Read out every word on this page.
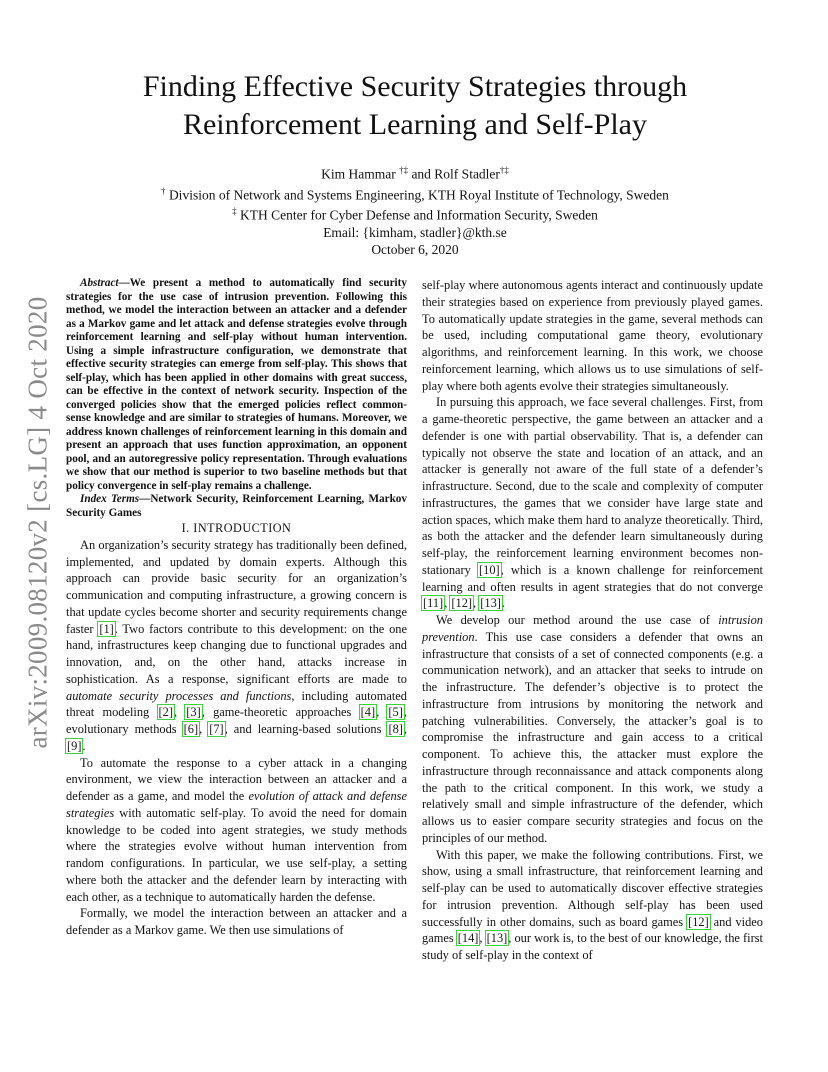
arXiv:2009.08120v2 [cs.LG] 4 Oct 2020
Finding Effective Security Strategies through
Reinforcement Learning and Self-Play
Kim Hammar †‡ and Rolf Stadler†‡
† Division of Network and Systems Engineering, KTH Royal Institute of Technology, Sweden
‡ KTH Center for Cyber Defense and Information Security, Sweden
Email: {kimham, stadler}@kth.se
October 6, 2020

Abstract—We present a method to automatically find security strategies for the use case of intrusion prevention. Following this method, we model the interaction between an attacker and a defender as a Markov game and let attack and defense strategies evolve through reinforcement learning and self-play without human intervention. Using a simple infrastructure configuration, we demonstrate that effective security strategies can emerge from self-play. This shows that self-play, which has been applied in other domains with great success, can be effective in the context of network security. Inspection of the converged policies show that the emerged policies reflect common-sense knowledge and are similar to strategies of humans. Moreover, we address known challenges of reinforcement learning in this domain and present an approach that uses function approximation, an opponent pool, and an autoregressive policy representation. Through evaluations we show that our method is superior to two baseline methods but that policy convergence in self-play remains a challenge.

Index Terms—Network Security, Reinforcement Learning, Markov Security Games

I. INTRODUCTION

An organization’s security strategy has traditionally been defined, implemented, and updated by domain experts. Although this approach can provide basic security for an organization’s communication and computing infrastructure, a growing concern is that update cycles become shorter and security requirements change faster [1]. Two factors contribute to this development: on the one hand, infrastructures keep changing due to functional upgrades and innovation, and, on the other hand, attacks increase in sophistication. As a response, significant efforts are made to automate security processes and functions, including automated threat modeling [2], [3], game-theoretic approaches [4], [5], evolutionary methods [6], [7], and learning-based solutions [8], [9].

To automate the response to a cyber attack in a changing environment, we view the interaction between an attacker and a defender as a game, and model the evolution of attack and defense strategies with automatic self-play. To avoid the need for domain knowledge to be coded into agent strategies, we study methods where the strategies evolve without human intervention from random configurations. In particular, we use self-play, a setting where both the attacker and the defender learn by interacting with each other, as a technique to automatically harden the defense.

Formally, we model the interaction between an attacker and a defender as a Markov game. We then use simulations of

self-play where autonomous agents interact and continuously update their strategies based on experience from previously played games. To automatically update strategies in the game, several methods can be used, including computational game theory, evolutionary algorithms, and reinforcement learning. In this work, we choose reinforcement learning, which allows us to use simulations of self-play where both agents evolve their strategies simultaneously.

In pursuing this approach, we face several challenges. First, from a game-theoretic perspective, the game between an attacker and a defender is one with partial observability. That is, a defender can typically not observe the state and location of an attack, and an attacker is generally not aware of the full state of a defender’s infrastructure. Second, due to the scale and complexity of computer infrastructures, the games that we consider have large state and action spaces, which make them hard to analyze theoretically. Third, as both the attacker and the defender learn simultaneously during self-play, the reinforcement learning environment becomes non-stationary [10], which is a known challenge for reinforcement learning and often results in agent strategies that do not converge [11], [12], [13].

We develop our method around the use case of intrusion prevention. This use case considers a defender that owns an infrastructure that consists of a set of connected components (e.g. a communication network), and an attacker that seeks to intrude on the infrastructure. The defender’s objective is to protect the infrastructure from intrusions by monitoring the network and patching vulnerabilities. Conversely, the attacker’s goal is to compromise the infrastructure and gain access to a critical component. To achieve this, the attacker must explore the infrastructure through reconnaissance and attack components along the path to the critical component. In this work, we study a relatively small and simple infrastructure of the defender, which allows us to easier compare security strategies and focus on the principles of our method.

With this paper, we make the following contributions. First, we show, using a small infrastructure, that reinforcement learning and self-play can be used to automatically discover effective strategies for intrusion prevention. Although self-play has been used successfully in other domains, such as board games [12] and video games [14], [13], our work is, to the best of our knowledge, the first study of self-play in the context of
